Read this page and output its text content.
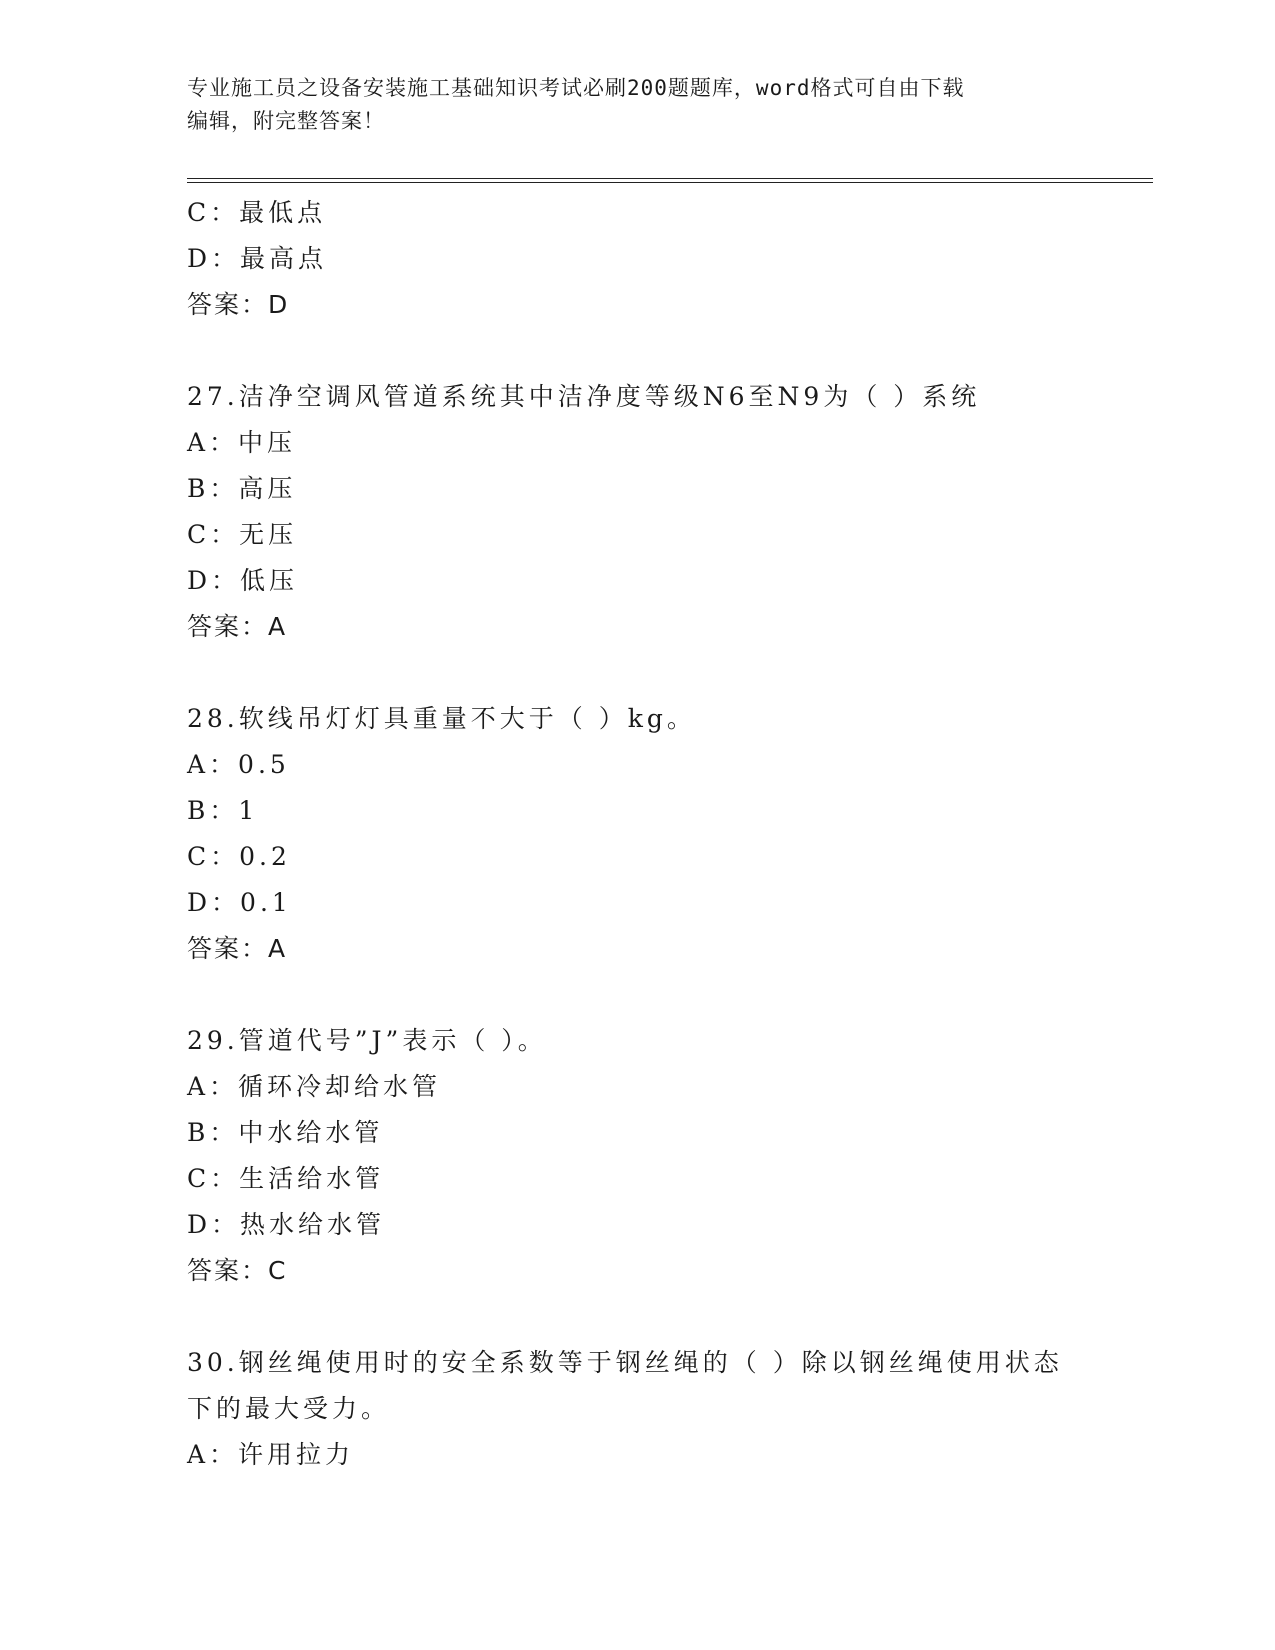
专业施工员之设备安装施工基础知识考试必刷200题题库，word格式可自由下载
编辑，附完整答案！
C：最低点
D：最高点
答案：D
27.洁净空调风管道系统其中洁净度等级N6至N9为（ ）系统
A：中压
B：高压
C：无压
D：低压
答案：A
28.软线吊灯灯具重量不大于（ ）kg。
A：0.5
B：1
C：0.2
D：0.1
答案：A
29.管道代号”J”表示（ ）。
A：循环冷却给水管
B：中水给水管
C：生活给水管
D：热水给水管
答案：C
30.钢丝绳使用时的安全系数等于钢丝绳的（ ）除以钢丝绳使用状态
下的最大受力。
A：许用拉力
